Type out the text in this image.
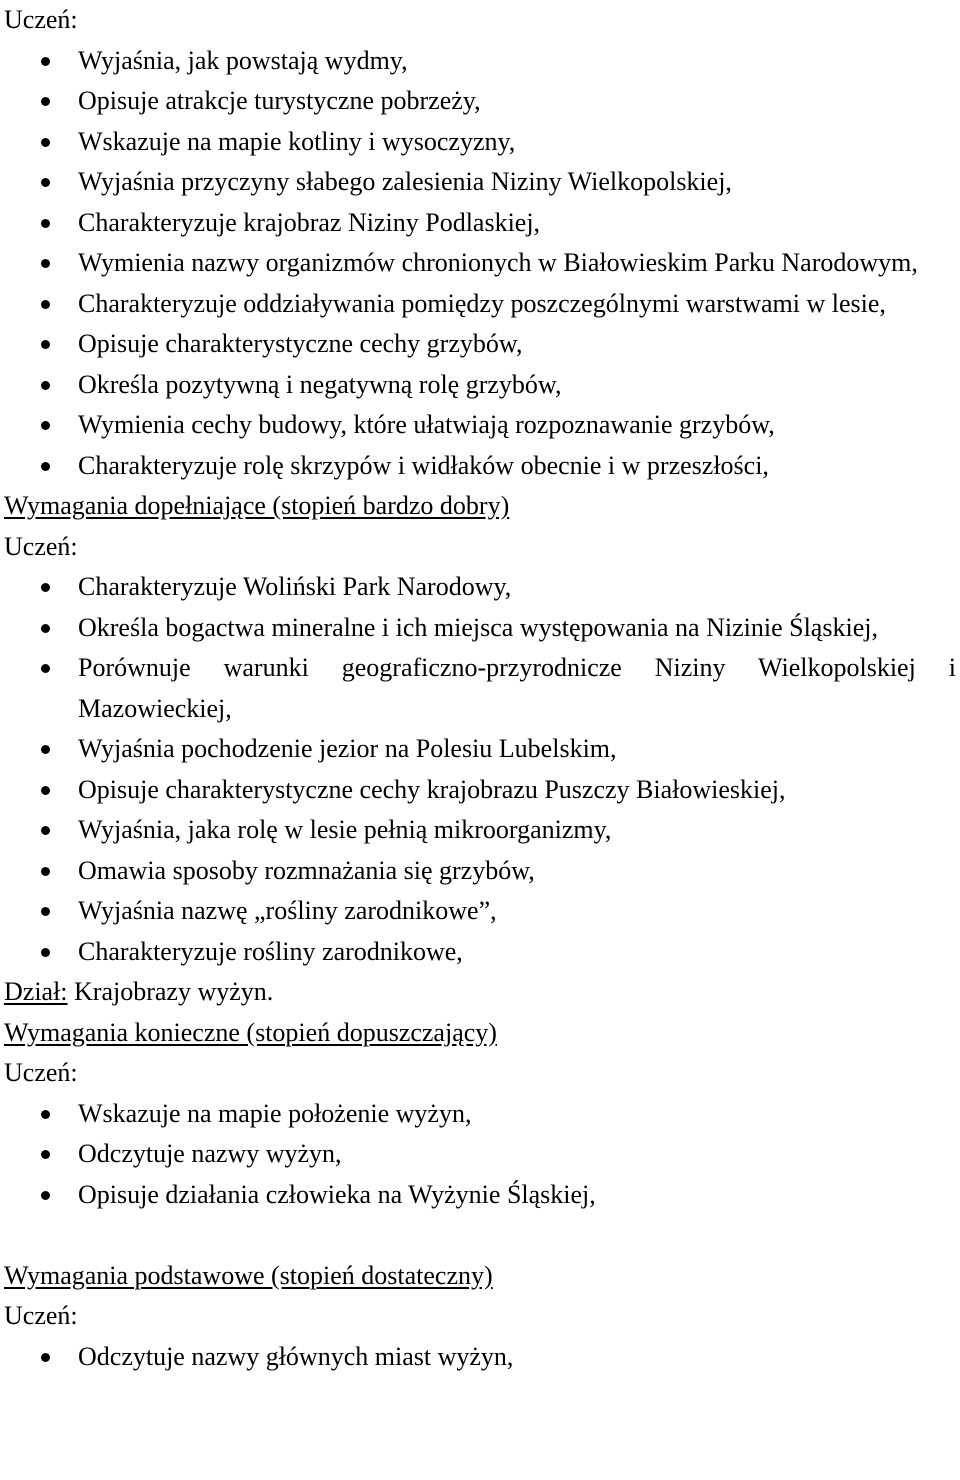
Uczeń:

Wyjaśnia, jak powstają wydmy,
Opisuje atrakcje turystyczne pobrzeży,
Wskazuje na mapie kotliny i wysoczyzny,
Wyjaśnia przyczyny słabego zalesienia Niziny Wielkopolskiej,
Charakteryzuje krajobraz Niziny Podlaskiej,
Wymienia nazwy organizmów chronionych w Białowieskim Parku Narodowym,
Charakteryzuje oddziaływania pomiędzy poszczególnymi warstwami w lesie,
Opisuje charakterystyczne cechy grzybów,
Określa pozytywną i negatywną rolę grzybów,
Wymienia cechy budowy, które ułatwiają rozpoznawanie grzybów,
Charakteryzuje rolę skrzypów i widłaków obecnie i w przeszłości,

Wymagania dopełniające (stopień bardzo dobry)

Uczeń:

Charakteryzuje Woliński Park Narodowy,
Określa bogactwa mineralne i ich miejsca występowania na Nizinie Śląskiej,
Porównuje warunki geograficzno-przyrodnicze Niziny Wielkopolskiej i Mazowieckiej,
Wyjaśnia pochodzenie jezior na Polesiu Lubelskim,
Opisuje charakterystyczne cechy krajobrazu Puszczy Białowieskiej,
Wyjaśnia, jaka rolę w lesie pełnią mikroorganizmy,
Omawia sposoby rozmnażania się grzybów,
Wyjaśnia nazwę „rośliny zarodnikowe”,
Charakteryzuje rośliny zarodnikowe,

Dział: Krajobrazy wyżyn.

Wymagania konieczne (stopień dopuszczający)

Uczeń:

Wskazuje na mapie położenie wyżyn,
Odczytuje nazwy wyżyn,
Opisuje działania człowieka na Wyżynie Śląskiej,

Wymagania podstawowe (stopień dostateczny)

Uczeń:

Odczytuje nazwy głównych miast wyżyn,
